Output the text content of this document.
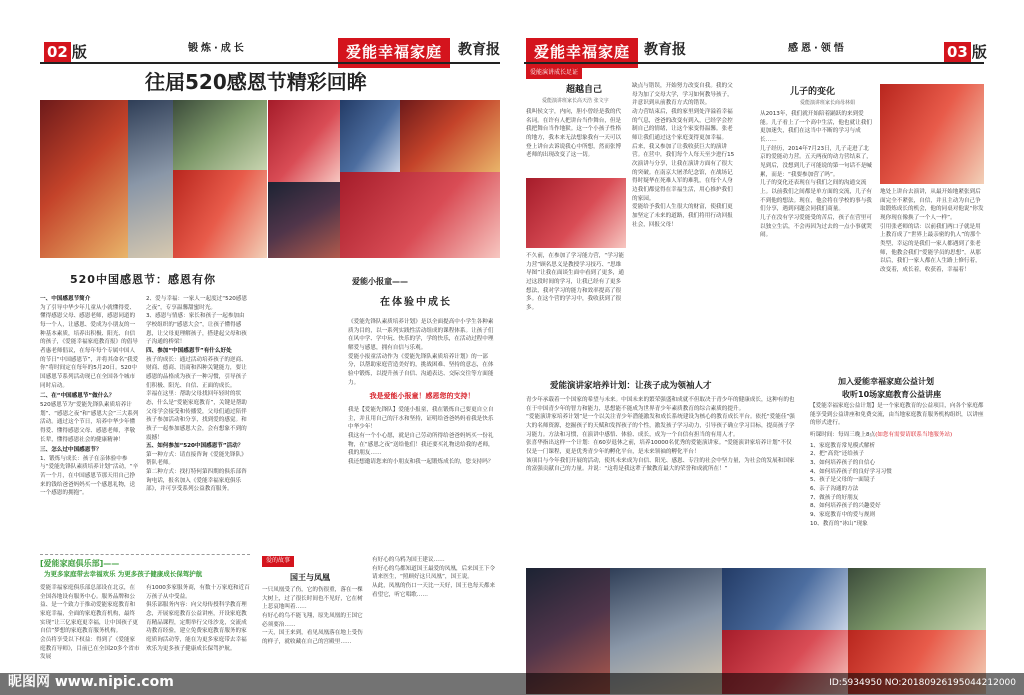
02 版	锻炼·成长	爱能幸福家庭	教育报
往届520感恩节精彩回眸
520中国感恩节：感恩有你
一、中国感恩节简介
为了引导中华少年儿童从小就懂得爱、懂得感恩父母、感恩老师，感恩同道的每一个人，让感恩、爱成为小朋友的一种基本素质，培养出积极、阳光、自信的孩子，《爱能幸福家庭教育报》的倡导者惠老师倡议，在每年每个专属中国人的节日“中国感恩节”，并将其命名“我爱你”将时间定在每年的5月20日。520中国感恩节系列活动现已在全国各个城市同时启动。
二、在“中国感恩节”做什么？
520感恩节为“爱能先锋队素质培养计划”、“感恩之夜”和“感恩大会”三大系列活动。通过这个节日，培养中华少年懂得爱、懂得感恩父母、感恩老师，孝敬长辈，懂得感恩社会的健康精神！
三、怎么过中国感恩节？
1、锻炼与成长：孩子在亲体验中参与“爱能先锋队素质培养计划”活动，“辛苦一个月，在中国感恩节那天用自己挣来的钱给爸爸妈妈买一个感恩礼物，送一个感恩的拥抱”。
2、爱与幸福：一家人一起度过“520感恩之夜”，专享温馨甜蜜时光。
3、感恩与情感：家长和孩子一起参加由学校组织的“感恩大会”，让孩子懂得感恩，让父母更理解孩子，搭建起父母和孩子沟通的桥梁！
四、参加“中国感恩节”有什么好处
孩子的成长：通过活动培养孩子的逆商、财商、德商、语商和四种关键能力，要让感恩的品格成为孩子一种习惯，引导孩子们积极、阳光、自信、正面的成长。
幸福在这里：帮助父母找回年轻时的状态，什么是“爱能家庭教育”，关键是帮助父母学会接受和传播爱，父母们通过陪伴孩子参加活动和分享，找到爱的感觉。和孩子一起参加感恩大会，会有想象不到的震撼！
五、如何参加“520中国感恩节”活动？
第一种方式：请直接咨询《爱能先锋队》帮队老师。
第二种方式：找打特何第四期的俱乐部咨询电话，报名加入《爱能幸福家庭俱乐部》，并可享受系列公益教育服务。
爱能小报童——
在体验中成长
《爱能先锋队素质培养计划》是以全面提高中小学生各种素质为目的，以一系列实践性活动组成的课程体系。让孩子们在风中学、学中玩、快乐的学，学的快乐，在活动过程中理解爱与感恩，拥有自信与乐观。
爱能小报童活动作为《爱能先锋队素质培养计划》的一部分，以帮助家庭营造美好的，挑战困难、坚持的意志，在体验中锻炼，以提升孩子自信、沟通表达、交际交往等方面能力。
我是爱能小报童！感恩您的支持！
我是【爱能先锋队】爱能小报童，我在锻炼自己要更自立自主，并且用自己的汗水和坚持，证明给爸爸妈妈看我是快乐中华少年！
我这有一个小心愿，就是自己劳动所得给爸爸妈妈买一份礼物，在“感恩之夜”送给他们！我还要买礼物送给我的老师，我的朋友……
我还想邀请您来的小朋友和我一起锻炼成长的，您支持吗？
[爱能家庭俱乐部]——
为更多家庭带去幸福欢乐 为更多孩子健康成长保驾护航
爱能幸福家庭俱乐部总部设在北京，在全国各地设有服务中心。服务品牌和公益、是一个致力于推动爱能家庭教育和家庭幸福，全面的家庭教育机构，最终实现“让三亿家庭更幸福，让中国孩子更自信”梦想的家庭教育服务机构。
会员将享受以下权益：得到了《爱能家庭教育导师》，目前已在全国20多个省市发展
有1000多家服务商，有数十万家庭和近百万孩子从中受益。
俱乐部服务内容：向父母传授科学教育理念，开展家庭教育公益讲座，开设家庭教育精品课程，定期举行父母沙龙，交流成功教育经验，建立免费家庭教育服务的家庭质询活动等，能在为更多家庭带去幸福欢乐为更多孩子健康成长保驾护航。
爱的故事
国王与凤凰
一只凤凰受了伤，它的伤很重，落在一棵大树上，过了很长时间也不见好，它在树上悲哀地叫着……
有好心的鸟不能飞翔，原先凤凰的王国它必须要治……
一天，国王来到，看见凤凰落在地上受伤的样子，就收藏在自己的宫殿里……
有好心的乌鸦为国王建议……
有好心的鸟都知道国王最爱的凤凰，后来国王下令请来医生，“照顾好这只凤凰”，国王说。
从此，凤凰的伤口一天比一天好，国王也每天都来看望它，听它唱歌……
爱能幸福家庭 教育报	感恩·领悟	03 版
爱能演讲成长足证
超越自己
爱能演讲班家长高天浩 张文宇
我叫侯文宇，内向，胆小曾经是我的代名词。在许有人把讲台当作舞台，但是我把舞台当作地狱。这一个小孩子性格的地方，我本来无法想象我有一天可以登上讲台去诉说我心中所想，然而张博老师的出现改变了这一切。
不久前，在参加了学习能力营，“学习能力营”顾名思义是教授学习技巧、“思维导图”让我在面谈生面中看到了更多，通过这段时间的学习，让我已经有了更多想法，我对学习的能力和效率提高了很多。在这个营的学习中，我收获到了很多。
缺点与错误，开始努力改变自我。我的父母为加了交母大学，学习如何教导孩子，并意识到从前教育方式的错误。
动力营结束后，我的家里到处洋溢着幸福的气息，爸爸的改变有到入，已经学会控制自己的情绪，让这个家变得温馨。张老师让我们通过这个家庭变得更加幸福。
后来，我又参加了让我收获巨大的演讲营。在营中，我们每个人每天至少进行15次演讲与分享，让我在演讲方面有了很大的突破。在南京大屠杀纪念馆，在战场记得时疑华在死难人军的难乳，在每个人身边我们都觉得在幸福生活，用心推护我们的家园。
爱能给予我们人生很大的财富，使我们更加坚定了未来的道路，我们将用行动回报社会，回报父母！
儿子的变化
爱能演讲班家长商母林娟
从2013年，我们就开始陪着踊跃的来到爱能。儿子看上了一个高中生活，他也就让我们更加迷失，我们在这当中不断的学习与成长……
儿子经历，2014年7月23日，儿子走进了北京的爱能动力营。五天两夜的动力营结束了，见到后，没想到儿子可能说的第一句话不是喊累，而是：“我要参加营了吗”。
儿子的变化还表现在与我们之间的沟通交流上。以前我们之间都是单方面的交流，儿子有不到他的想法。现在，他会将在学校的事与我们分享，遇到问题会同我们商量。
儿子在没有学习爱能受的苦后，孩子在营里可以独立生活，不会再因为过去的一点小事就哭闹。
地处上讲台去演讲，从最开始地紧张到后面完全不紧张，自信，并且主动为自己争取锻炼成长的机会，他的同桌对他说“你发现你现在像换了一个人一样”。
引用张老师的话：以前我们两口子就是用上教育成了“世界上最亲密的仇人”的那个类型，幸运的是我们一家人都遇到了张老师，他教会我们“爱能学员的思想”，从那以后，我们一家人都在人生路上修行着，改变着，成长着，收获着，幸福着！
爱能演讲家培养计划：让孩子成为领袖人才
青少年承载着一个国家的希望与未来。中国未来的繁荣强盛和成就不但取决于青少年的健康成长，这种有的也在于中国青少年的智力和能力，思想能不能成为世界青少年素质教育的综合素质的提升。
“爱能演讲家培养计划”是一个以关注青少年潜能激发和成长系统建设为核心的教育成长平台。依托“爱能佳”强大的名师资源，挖掘孩子的天赋和发挥孩子的个性，激发孩子学习动力，引导孩子确立学习目标，提高孩子学习能力。方法和习惯，在演讲中感悟、体验、成长，成为一个自信有担当的有用人才。
张喜华指出这样一个计划：在60岁退休之前，培养10000名优秀的爱能演讲家。“爱能演讲家培养计划”不仅仅是一门课程，更是优秀青少年的孵化平台，是未来领袖的孵化平台！
该项目与今年我们开展的活动，使其未来成为自信、阳光、感恩、专注的社会中坚力量，为社会的发展和国家的富强贡献自己的力量。并说：“这将是我这辈子做教育最大的荣誉和成就所在！”
加入爱能幸福家庭公益计划
收听10场家庭教育公益讲座
【爱能幸福家庭公益计划】是一个家庭教育的公益项目，向各个家庭都能享受到公益讲座和免费交流，由当地家庭教育服务机构组织，以讲座的形式进行。
听课时间：每周三晚上8点(如您有需要请联系当地服务站)
1、家庭教育常见模式解析
2、把“高瓷”还给孩子
3、如何培养孩子的自信心
4、如何培养孩子的良好学习习惯
5、孩子是父母的一面镜子
6、亲子沟通的方法
7、做孩子的好朋友
8、如何培养孩子的兴趣爱好
9、家庭教育中的爱与规则
10、教育的“冰山”现象
昵图网 www.nipic.com	ID:5934950 NO:20180926195044212000
